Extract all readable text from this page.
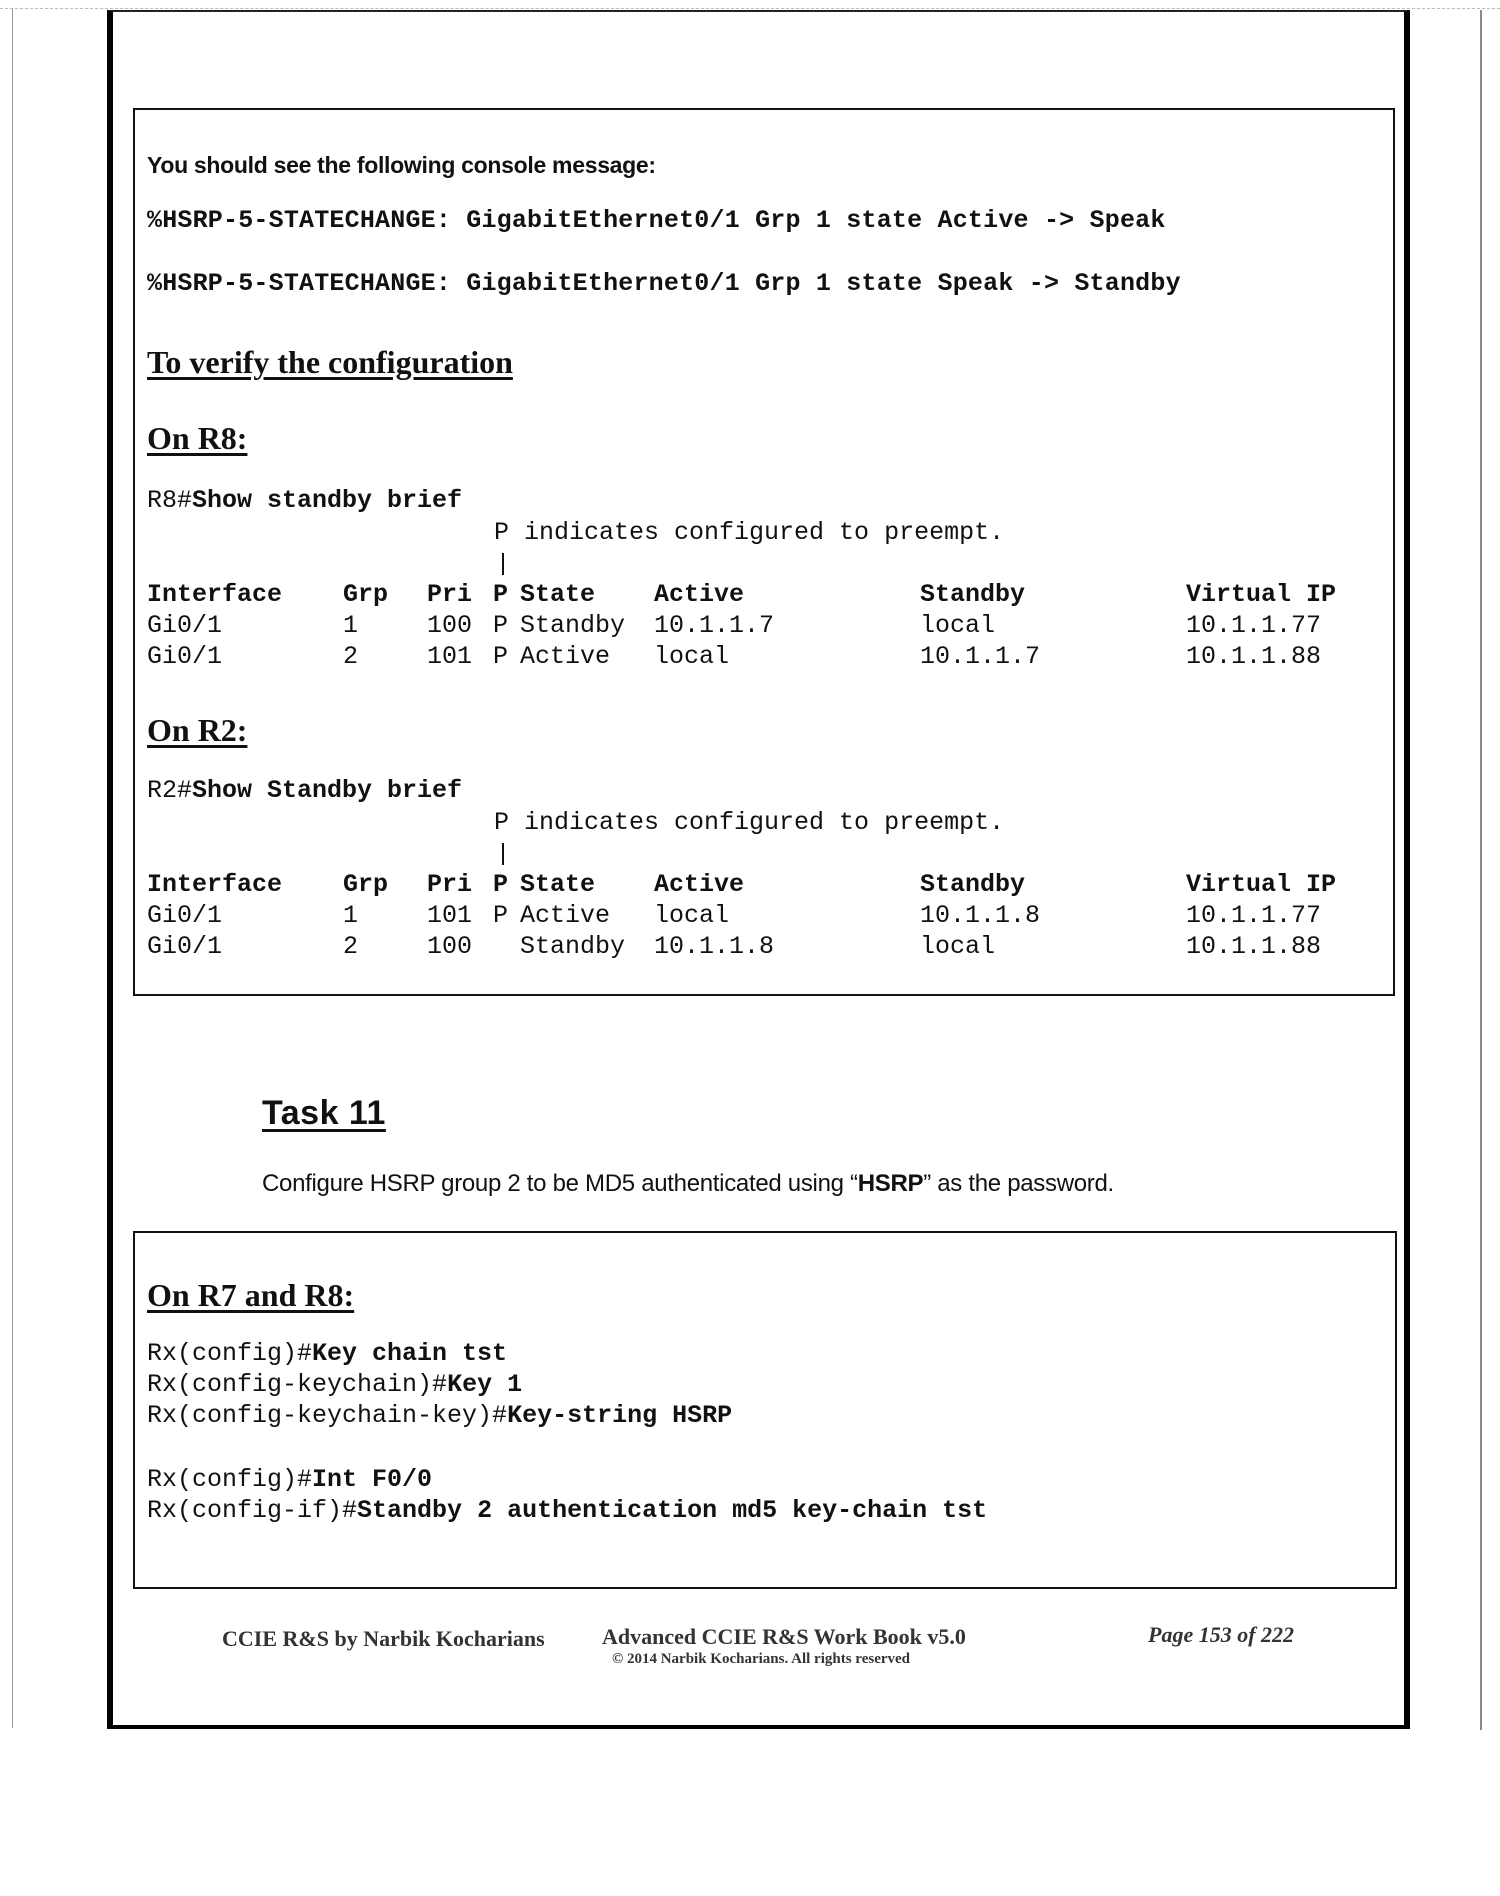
You should see the following console message:
%HSRP-5-STATECHANGE: GigabitEthernet0/1 Grp 1 state Active -> Speak
%HSRP-5-STATECHANGE: GigabitEthernet0/1 Grp 1 state Speak -> Standby
To verify the configuration
On R8:
R8#Show standby brief
P indicates configured to preempt.
Interface	Grp	Pri	P	State	Active	Standby	Virtual IP
Gi0/1	1	100	P	Standby	10.1.1.7	local	10.1.1.77
Gi0/1	2	101	P	Active	local	10.1.1.7	10.1.1.88
On R2:
R2#Show Standby brief
P indicates configured to preempt.
Interface	Grp	Pri	P	State	Active	Standby	Virtual IP
Gi0/1	1	101	P	Active	local	10.1.1.8	10.1.1.77
Gi0/1	2	100		Standby	10.1.1.8	local	10.1.1.88
Task 11
Configure HSRP group 2 to be MD5 authenticated using “HSRP” as the password.
On R7 and R8:
Rx(config)#Key chain tst
Rx(config-keychain)#Key 1
Rx(config-keychain-key)#Key-string HSRP
Rx(config)#Int F0/0
Rx(config-if)#Standby 2 authentication md5 key-chain tst
CCIE R&S by Narbik Kocharians	Advanced CCIE R&S Work Book v5.0
© 2014 Narbik Kocharians. All rights reserved
Page 153 of 222
